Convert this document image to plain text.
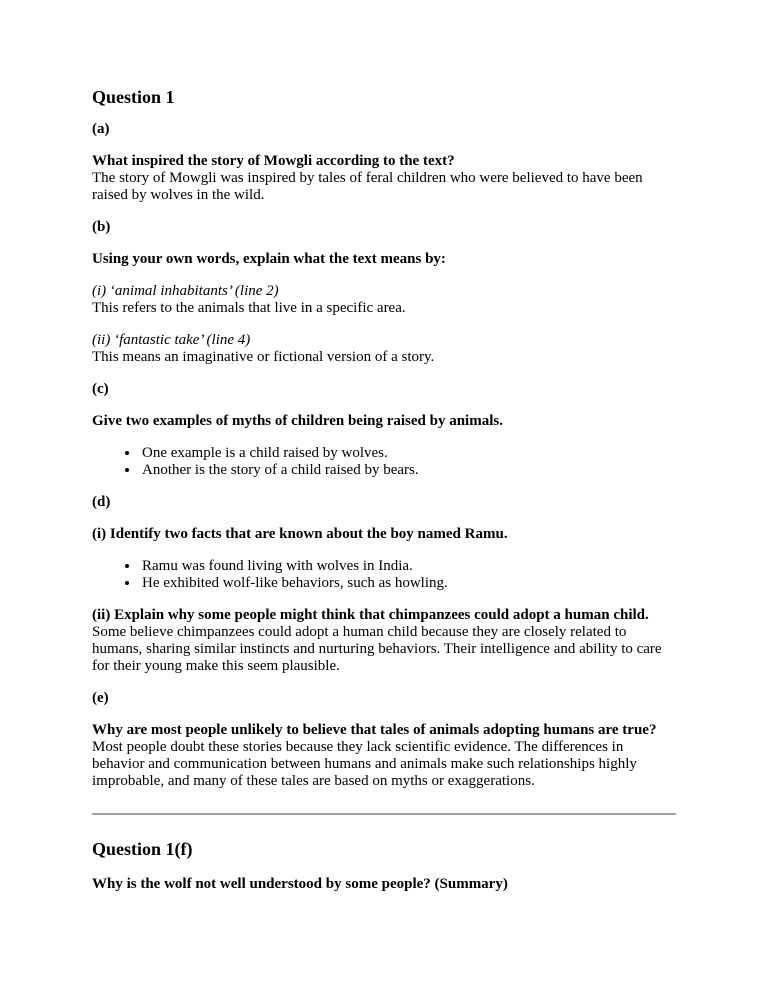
Question 1

(a)

What inspired the story of Mowgli according to the text?
The story of Mowgli was inspired by tales of feral children who were believed to have been raised by wolves in the wild.

(b)

Using your own words, explain what the text means by:

(i) ‘animal inhabitants’ (line 2)
This refers to the animals that live in a specific area.

(ii) ‘fantastic take’ (line 4)
This means an imaginative or fictional version of a story.

(c)

Give two examples of myths of children being raised by animals.

• One example is a child raised by wolves.
• Another is the story of a child raised by bears.

(d)

(i) Identify two facts that are known about the boy named Ramu.

• Ramu was found living with wolves in India.
• He exhibited wolf-like behaviors, such as howling.

(ii) Explain why some people might think that chimpanzees could adopt a human child.
Some believe chimpanzees could adopt a human child because they are closely related to humans, sharing similar instincts and nurturing behaviors. Their intelligence and ability to care for their young make this seem plausible.

(e)

Why are most people unlikely to believe that tales of animals adopting humans are true?
Most people doubt these stories because they lack scientific evidence. The differences in behavior and communication between humans and animals make such relationships highly improbable, and many of these tales are based on myths or exaggerations.

Question 1(f)

Why is the wolf not well understood by some people? (Summary)
